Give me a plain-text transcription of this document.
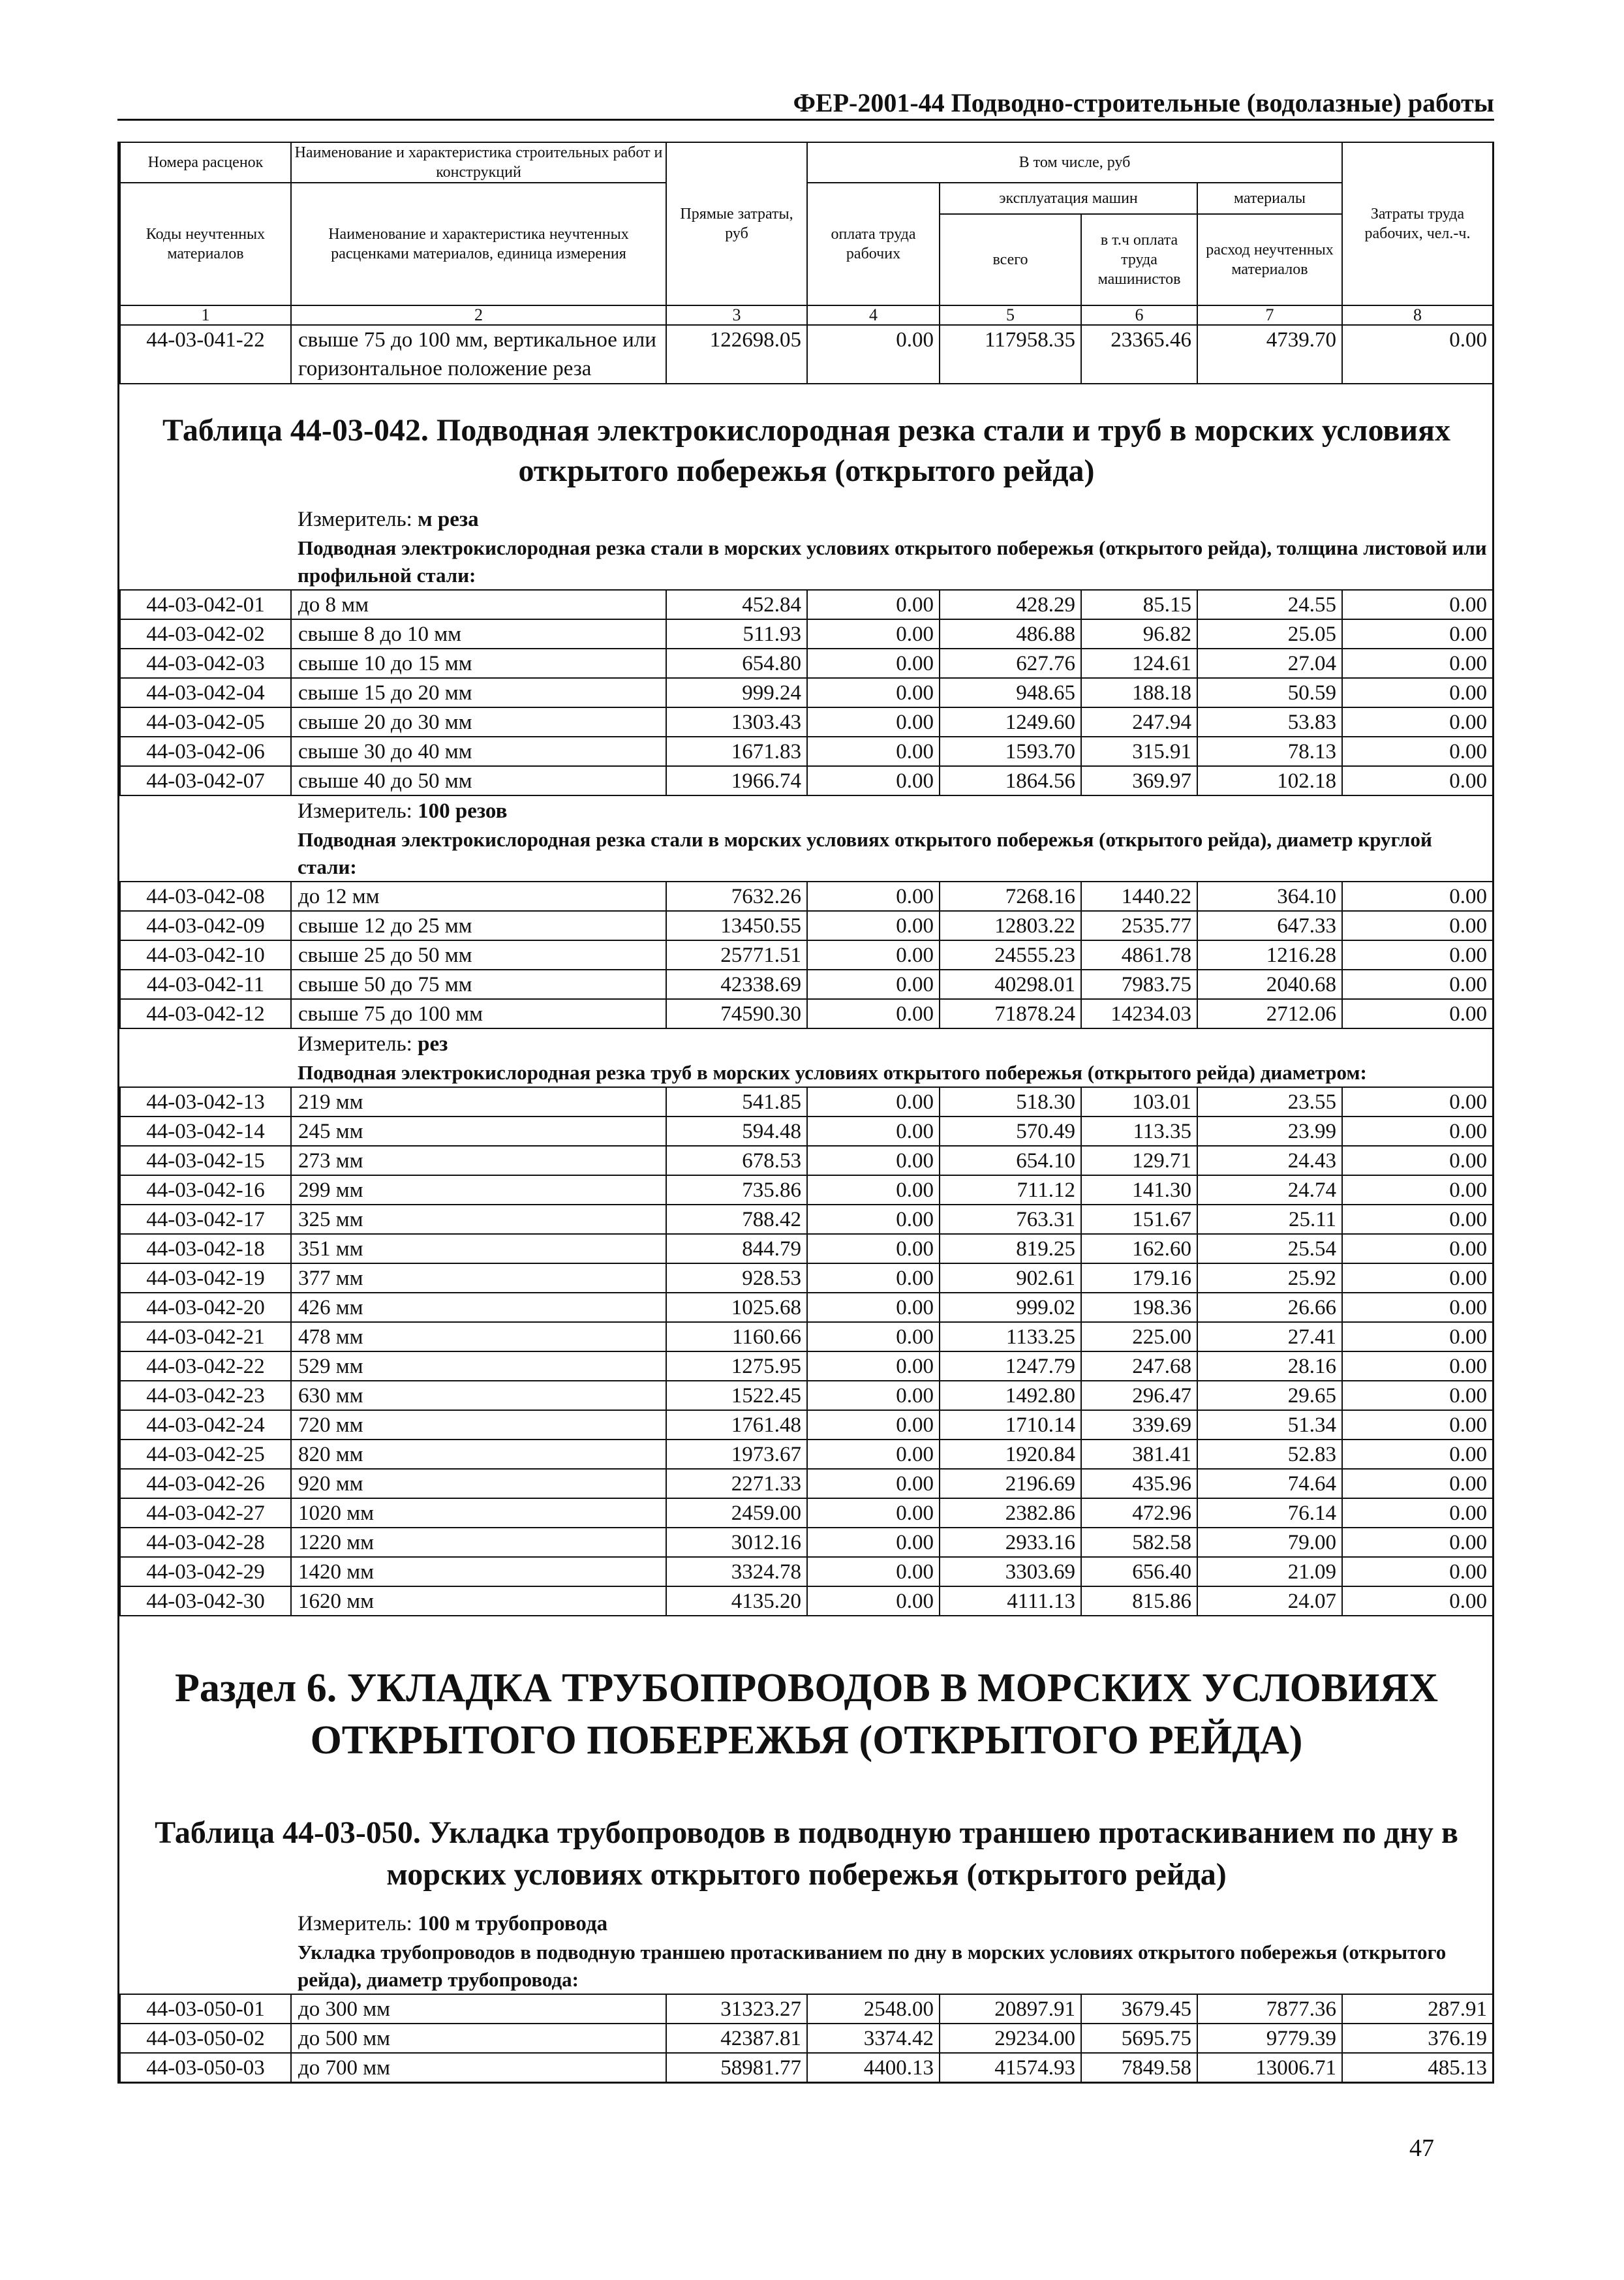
ФЕР-2001-44 Подводно-строительные (водолазные) работы
Номера расценок	Наименование и характеристика строительных работ и конструкций	Прямые затраты, руб	В том числе, руб				Затраты труда рабочих, чел.-ч.
Коды неучтенных материалов	Наименование и характеристика неучтенных расценками материалов, единица измерения		оплата труда рабочих	эксплуатация машин		материалы	
				всего	в т.ч оплата труда машинистов	расход неучтенных материалов	

1	2	3	4	5	6	7	8
44-03-041-22	свыше 75 до 100 мм, вертикальное или горизонтальное положение реза	122698.05	0.00	117958.35	23365.46	4739.70	0.00
Таблица 44-03-042. Подводная электрокислородная резка стали и труб в морских условиях открытого побережья (открытого рейда)							
	Измеритель: м реза						
	Подводная электрокислородная резка стали в морских условиях открытого побережья (открытого рейда), толщина листовой или профильной стали:						
44-03-042-01	до 8 мм	452.84	0.00	428.29	85.15	24.55	0.00
44-03-042-02	свыше 8 до 10 мм	511.93	0.00	486.88	96.82	25.05	0.00
44-03-042-03	свыше 10 до 15 мм	654.80	0.00	627.76	124.61	27.04	0.00
44-03-042-04	свыше 15 до 20 мм	999.24	0.00	948.65	188.18	50.59	0.00
44-03-042-05	свыше 20 до 30 мм	1303.43	0.00	1249.60	247.94	53.83	0.00
44-03-042-06	свыше 30 до 40 мм	1671.83	0.00	1593.70	315.91	78.13	0.00
44-03-042-07	свыше 40 до 50 мм	1966.74	0.00	1864.56	369.97	102.18	0.00
	Измеритель: 100 резов						
	Подводная электрокислородная резка стали в морских условиях открытого побережья (открытого рейда), диаметр круглой стали:						
44-03-042-08	до 12 мм	7632.26	0.00	7268.16	1440.22	364.10	0.00
44-03-042-09	свыше 12 до 25 мм	13450.55	0.00	12803.22	2535.77	647.33	0.00
44-03-042-10	свыше 25 до 50 мм	25771.51	0.00	24555.23	4861.78	1216.28	0.00
44-03-042-11	свыше 50 до 75 мм	42338.69	0.00	40298.01	7983.75	2040.68	0.00
44-03-042-12	свыше 75 до 100 мм	74590.30	0.00	71878.24	14234.03	2712.06	0.00
	Измеритель: рез						
	Подводная электрокислородная резка труб в морских условиях открытого побережья (открытого рейда) диаметром:						
44-03-042-13	219 мм	541.85	0.00	518.30	103.01	23.55	0.00
44-03-042-14	245 мм	594.48	0.00	570.49	113.35	23.99	0.00
44-03-042-15	273 мм	678.53	0.00	654.10	129.71	24.43	0.00
44-03-042-16	299 мм	735.86	0.00	711.12	141.30	24.74	0.00
44-03-042-17	325 мм	788.42	0.00	763.31	151.67	25.11	0.00
44-03-042-18	351 мм	844.79	0.00	819.25	162.60	25.54	0.00
44-03-042-19	377 мм	928.53	0.00	902.61	179.16	25.92	0.00
44-03-042-20	426 мм	1025.68	0.00	999.02	198.36	26.66	0.00
44-03-042-21	478 мм	1160.66	0.00	1133.25	225.00	27.41	0.00
44-03-042-22	529 мм	1275.95	0.00	1247.79	247.68	28.16	0.00
44-03-042-23	630 мм	1522.45	0.00	1492.80	296.47	29.65	0.00
44-03-042-24	720 мм	1761.48	0.00	1710.14	339.69	51.34	0.00
44-03-042-25	820 мм	1973.67	0.00	1920.84	381.41	52.83	0.00
44-03-042-26	920 мм	2271.33	0.00	2196.69	435.96	74.64	0.00
44-03-042-27	1020 мм	2459.00	0.00	2382.86	472.96	76.14	0.00
44-03-042-28	1220 мм	3012.16	0.00	2933.16	582.58	79.00	0.00
44-03-042-29	1420 мм	3324.78	0.00	3303.69	656.40	21.09	0.00
44-03-042-30	1620 мм	4135.20	0.00	4111.13	815.86	24.07	0.00
Раздел 6. УКЛАДКА ТРУБОПРОВОДОВ В МОРСКИХ УСЛОВИЯХ ОТКРЫТОГО ПОБЕРЕЖЬЯ (ОТКРЫТОГО РЕЙДА)							
Таблица 44-03-050. Укладка трубопроводов в подводную траншею протаскиванием по дну в морских условиях открытого побережья (открытого рейда)							
	Измеритель: 100 м трубопровода						
	Укладка трубопроводов в подводную траншею протаскиванием по дну в морских условиях открытого побережья (открытого рейда), диаметр трубопровода:						
44-03-050-01	до 300 мм	31323.27	2548.00	20897.91	3679.45	7877.36	287.91
44-03-050-02	до 500 мм	42387.81	3374.42	29234.00	5695.75	9779.39	376.19
44-03-050-03	до 700 мм	58981.77	4400.13	41574.93	7849.58	13006.71	485.13
47
